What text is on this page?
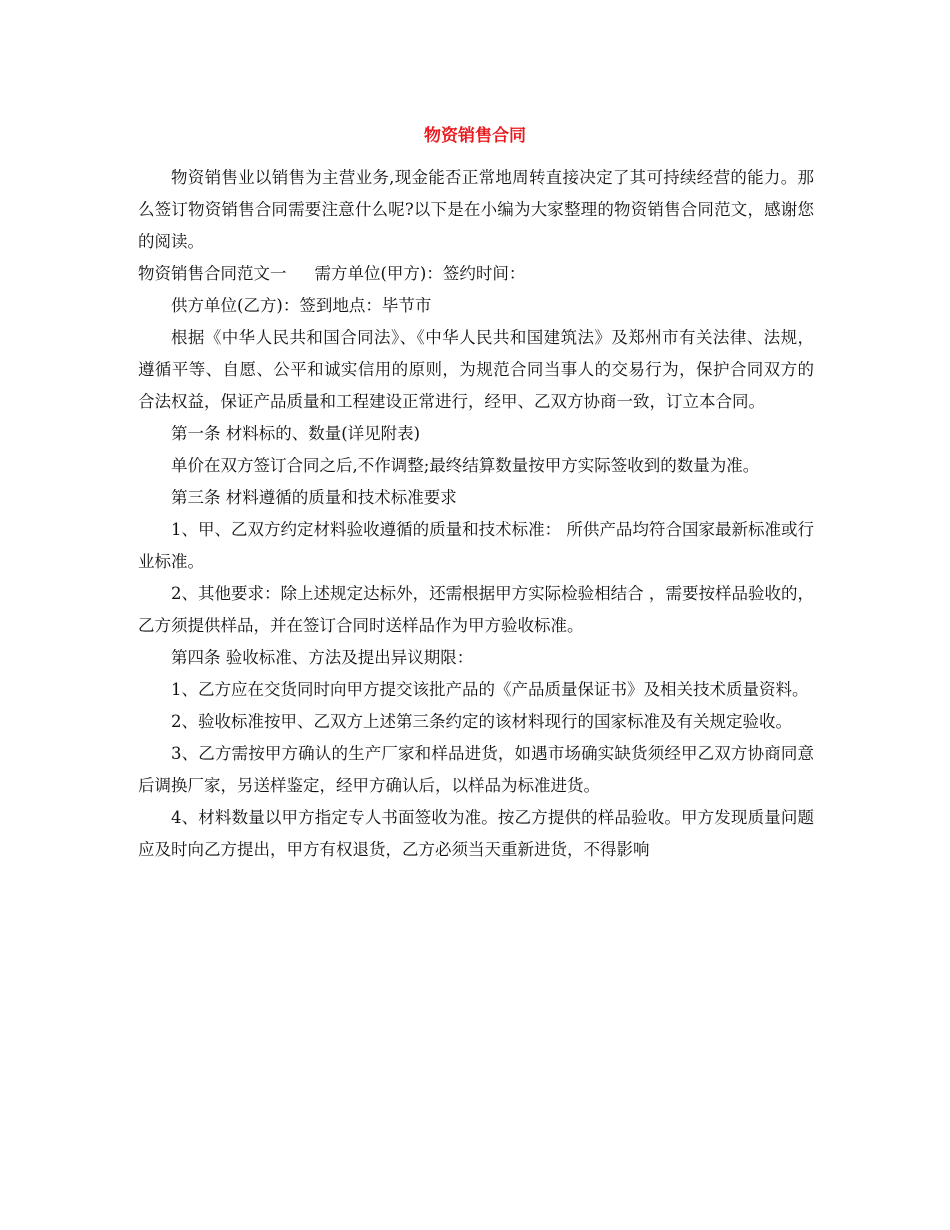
物资销售合同

物资销售业以销售为主营业务,现金能否正常地周转直接决定了其可持续经营的能力。那么签订物资销售合同需要注意什么呢?以下是在小编为大家整理的物资销售合同范文，感谢您的阅读。

物资销售合同范文一 需方单位(甲方)：签约时间：

供方单位(乙方)：签到地点：毕节市

根据《中华人民共和国合同法》、《中华人民共和国建筑法》及郑州市有关法律、法规，遵循平等、自愿、公平和诚实信用的原则，为规范合同当事人的交易行为，保护合同双方的合法权益，保证产品质量和工程建设正常进行，经甲、乙双方协商一致，订立本合同。

第一条 材料标的、数量(详见附表)

单价在双方签订合同之后,不作调整;最终结算数量按甲方实际签收到的数量为准。

第三条 材料遵循的质量和技术标准要求

1、甲、乙双方约定材料验收遵循的质量和技术标准： 所供产品均符合国家最新标准或行业标准。

2、其他要求：除上述规定达标外，还需根据甲方实际检验相结合 ，需要按样品验收的，乙方须提供样品，并在签订合同时送样品作为甲方验收标准。

第四条 验收标准、方法及提出异议期限：

1、乙方应在交货同时向甲方提交该批产品的《产品质量保证书》及相关技术质量资料。

2、验收标准按甲、乙双方上述第三条约定的该材料现行的国家标准及有关规定验收。

3、乙方需按甲方确认的生产厂家和样品进货，如遇市场确实缺货须经甲乙双方协商同意后调换厂家，另送样鉴定，经甲方确认后，以样品为标准进货。

4、材料数量以甲方指定专人书面签收为准。按乙方提供的样品验收。甲方发现质量问题应及时向乙方提出，甲方有权退货，乙方必须当天重新进货，不得影响
